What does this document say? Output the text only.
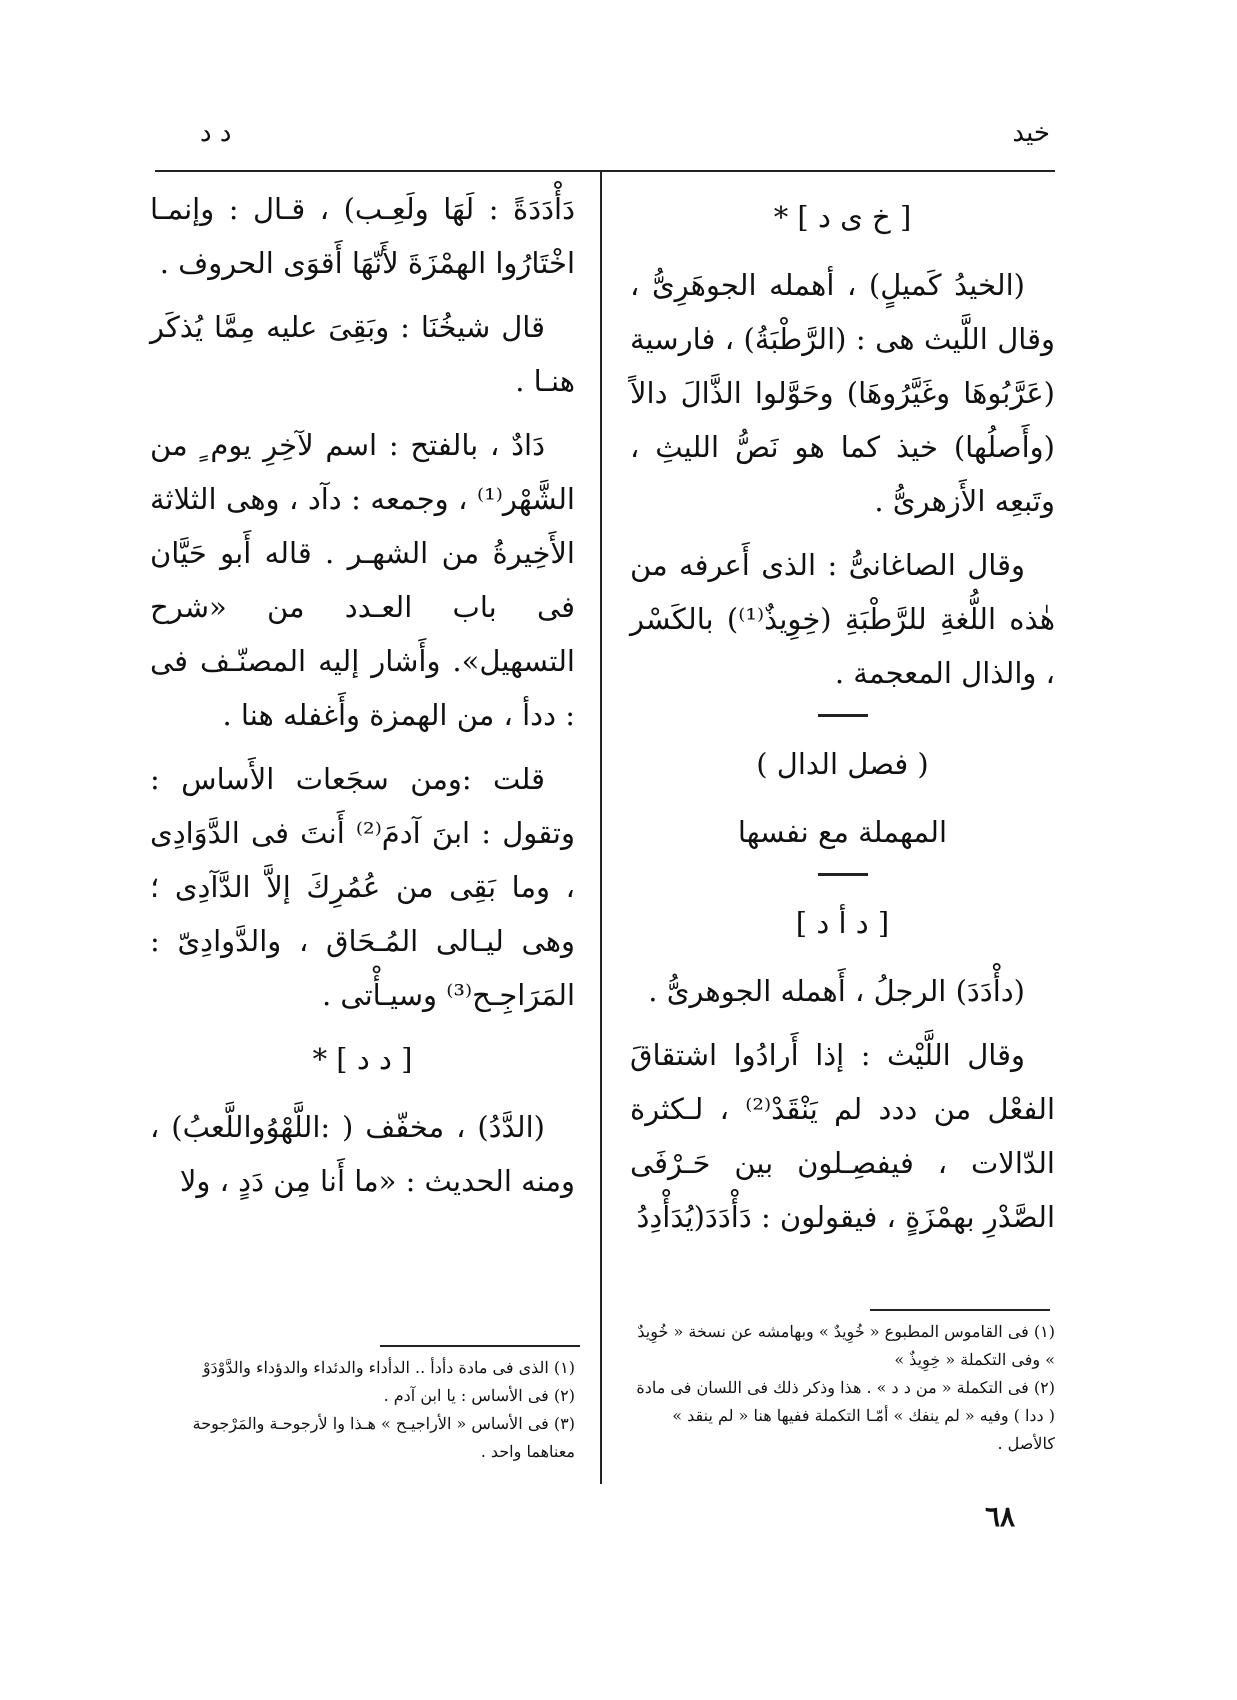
خيد
د د

[ خ ى د ] *

(الخيدُ كَميلٍ) ، أهمله الجوهَرِىُّ ، وقال اللَّيث هى : (الرَّطْبَةُ) ، فارسية (عَرَّبُوهَا وغَيَّرُوهَا) وحَوَّلوا الذَّالَ دالاً (وأَصلُها) خيذ كما هو نَصُّ الليثِ ، وتَبعِه الأَزهرىُّ .

وقال الصاغانىُّ : الذى أَعرفه من هٰذه اللُّغةِ للرَّطْبَةِ (خِوِيذٌ⁽¹⁾) بالكَسْر ، والذال المعجمة .

( فصل الدال )

المهملة مع نفسها

[ د أ د ]

(دأْدَدَ) الرجلُ ، أَهمله الجوهرىُّ .

وقال اللَّيْث : إذا أَرادُوا اشتقاقَ الفعْل من ددد لم يَنْقَدْ⁽²⁾ ، لـكثرة الدّالات ، فيفصِـلون بين حَـرْفَى الصَّدْرِ بهمْزَةٍ ، فيقولون : دَأْدَدَ(يُدَأْدِدُ

دَأْدَدَةً : لَهَا ولَعِـب) ، قـال : وإنمـا اخْتَارُوا الهمْزَةَ لأَنّهَا أَقوَى الحروف .

قال شيخُنَا : وبَقِىَ عليه مِمَّا يُذكَر هنـا .

دَادٌ ، بالفتح : اسم لآخِرِ يوم ٍ من الشَّهْر⁽¹⁾ ، وجمعه : دآد ، وهى الثلاثة الأَخِيرةُ من الشهـر . قاله أَبو حَيَّان فى باب العـدد من «شرح التسهيل». وأَشار إليه المصنّـف فى : ددأ ، من الهمزة وأَغفله هنا .

قلت :ومن سجَعات الأَساس : وتقول : ابنَ آدمَ⁽²⁾ أَنتَ فى الدَّوَادِى ، وما بَقِى من عُمُرِكَ إلاَّ الدَّآدِى ؛ وهى ليـالى المُـحَاق ، والدَّوادِىّ : المَرَاجِـح⁽³⁾ وسيـأْتى .

[ د د ] *

(الدَّدُ) ، مخفّف ( :اللَّهْوُواللَّعبُ) ، ومنه الحديث : «ما أَنا مِن دَدٍ ، ولا

(١) فى القاموس المطبوع « خُوِيدٌ » وبهامشه عن نسخة « خُوِيدٌ » وفى التكملة « خِوِيذٌ »
(٢) فى التكملة « من د د » . هذا وذكر ذلك فى اللسان فى مادة ( ددا ) وفيه « لم ينفك » أمّـا التكملة ففيها هنا « لم ينقد » كالأصل .
(١) الذى فى مادة دأدأ .. الدأداء والدئداء والدؤداء والدَّوْدَوْ
(٢) فى الأساس : يا ابن آدم .
(٣) فى الأساس « الأراجيـح » هـذا وا لأرجوحـة والمَرْجوحة معناهما واحد .
٦٨
